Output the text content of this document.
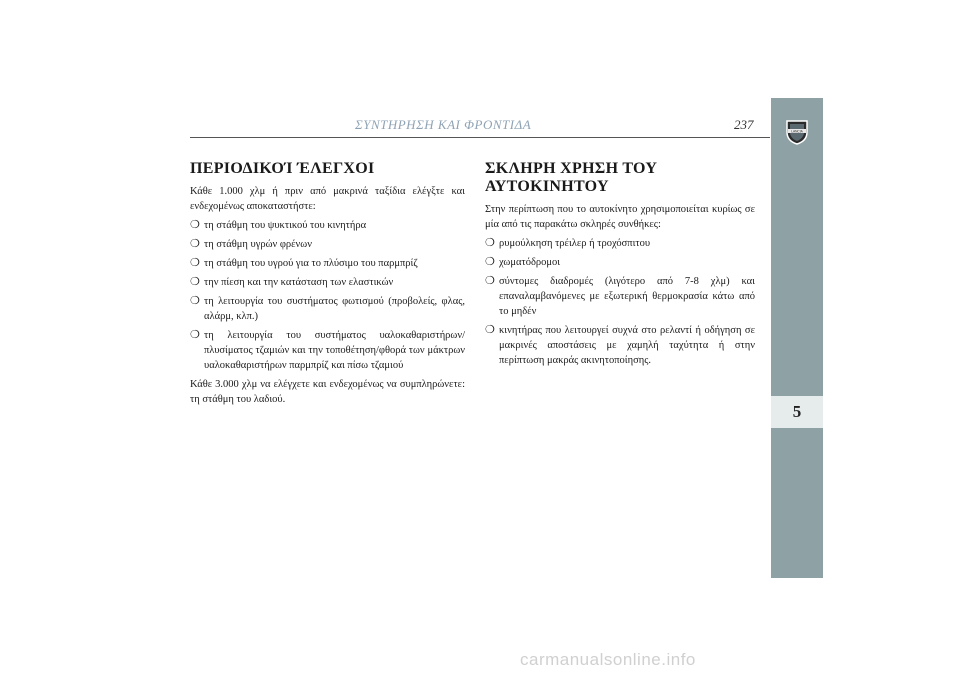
ΣΥΝΤΗΡΗΣΗ ΚΑΙ ΦΡΟΝΤΙΔΑ	237	LANCIA
5
ΠΕΡΙΟΔΙΚΟΊ ΈΛΕΓΧΟΙ

Κάθε 1.000 χλμ ή πριν από μακρινά ταξίδια ελέγξτε και ενδεχομένως αποκαταστήστε:

❍ τη στάθμη του ψυκτικού του κινητήρα
❍ τη στάθμη υγρών φρένων
❍ τη στάθμη του υγρού για το πλύσιμο του παρμπρίζ
❍ την πίεση και την κατάσταση των ελαστικών
❍ τη λειτουργία του συστήματος φωτισμού (προβολείς, φλας, αλάρμ, κλπ.)
❍ τη λειτουργία του συστήματος υαλοκαθαριστήρων/πλυσίματος τζαμιών και την τοποθέτηση/φθορά των μάκτρων υαλοκαθαριστήρων παρμπρίζ και πίσω τζαμιού

Κάθε 3.000 χλμ να ελέγχετε και ενδεχομένως να συμπληρώνετε: τη στάθμη του λαδιού.

ΣΚΛΗΡΗ ΧΡΗΣΗ ΤΟΥ
ΑΥΤΟΚΙΝΗΤΟΥ

Στην περίπτωση που το αυτοκίνητο χρησιμοποιείται κυρίως σε μία από τις παρακάτω σκληρές συνθήκες:

❍ ρυμούλκηση τρέιλερ ή τροχόσπιτου
❍ χωματόδρομοι
❍ σύντομες διαδρομές (λιγότερο από 7-8 χλμ) και επαναλαμβανόμενες με εξωτερική θερμοκρασία κάτω από το μηδέν
❍ κινητήρας που λειτουργεί συχνά στο ρελαντί ή οδήγηση σε μακρινές αποστάσεις με χαμηλή ταχύτητα ή στην περίπτωση μακράς ακινητοποίησης.
carmanualsonline.info
